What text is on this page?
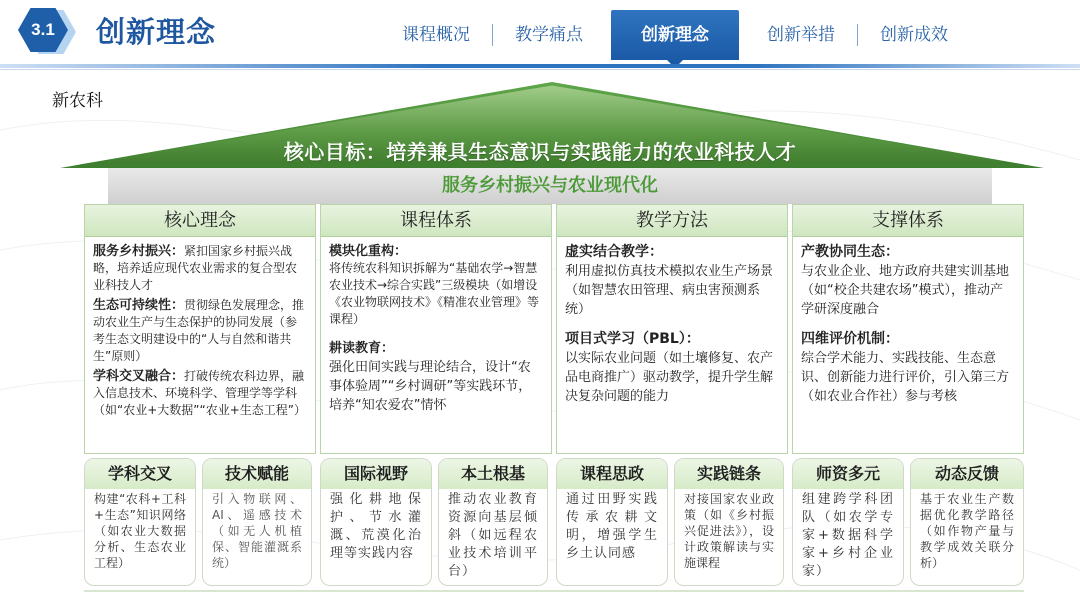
3.1	创新理念	课程概况	教学痛点	创新理念	创新举措	创新成效
新农科
核心目标：培养兼具生态意识与实践能力的农业科技人才
服务乡村振兴与农业现代化
核心理念
服务乡村振兴：紧扣国家乡村振兴战略，培养适应现代农业需求的复合型农业科技人才
生态可持续性：贯彻绿色发展理念，推动农业生产与生态保护的协同发展（参考生态文明建设中的“人与自然和谐共生”原则）
学科交叉融合：打破传统农科边界，融入信息技术、环境科学、管理学等学科（如“农业+大数据”“农业+生态工程”）
课程体系
模块化重构：
将传统农科知识拆解为“基础农学→智慧农业技术→综合实践”三级模块（如增设《农业物联网技术》《精准农业管理》等课程）
耕读教育：
强化田间实践与理论结合，设计“农事体验周”“乡村调研”等实践环节，培养“知农爱农”情怀
教学方法
虚实结合教学：
利用虚拟仿真技术模拟农业生产场景（如智慧农田管理、病虫害预测系统）
项目式学习（PBL）：
以实际农业问题（如土壤修复、农产品电商推广）驱动教学，提升学生解决复杂问题的能力
支撑体系
产教协同生态：
与农业企业、地方政府共建实训基地（如“校企共建农场”模式），推动产学研深度融合
四维评价机制：
综合学术能力、实践技能、生态意识、创新能力进行评价，引入第三方（如农业合作社）参与考核
学科交叉
构建“农科+工科+生态”知识网络（如农业大数据分析、生态农业工程）
技术赋能
引入物联网、AI、遥感技术（如无人机植保、智能灌溉系统）
国际视野
强化耕地保护、节水灌溉、荒漠化治理等实践内容
本土根基
推动农业教育资源向基层倾斜（如远程农业技术培训平台）
课程思政
通过田野实践传承农耕文明，增强学生乡土认同感
实践链条
对接国家农业政策（如《乡村振兴促进法》），设计政策解读与实施课程
师资多元
组建跨学科团队（如农学专家+数据科学家+乡村企业家）
动态反馈
基于农业生产数据优化教学路径（如作物产量与教学成效关联分析）
